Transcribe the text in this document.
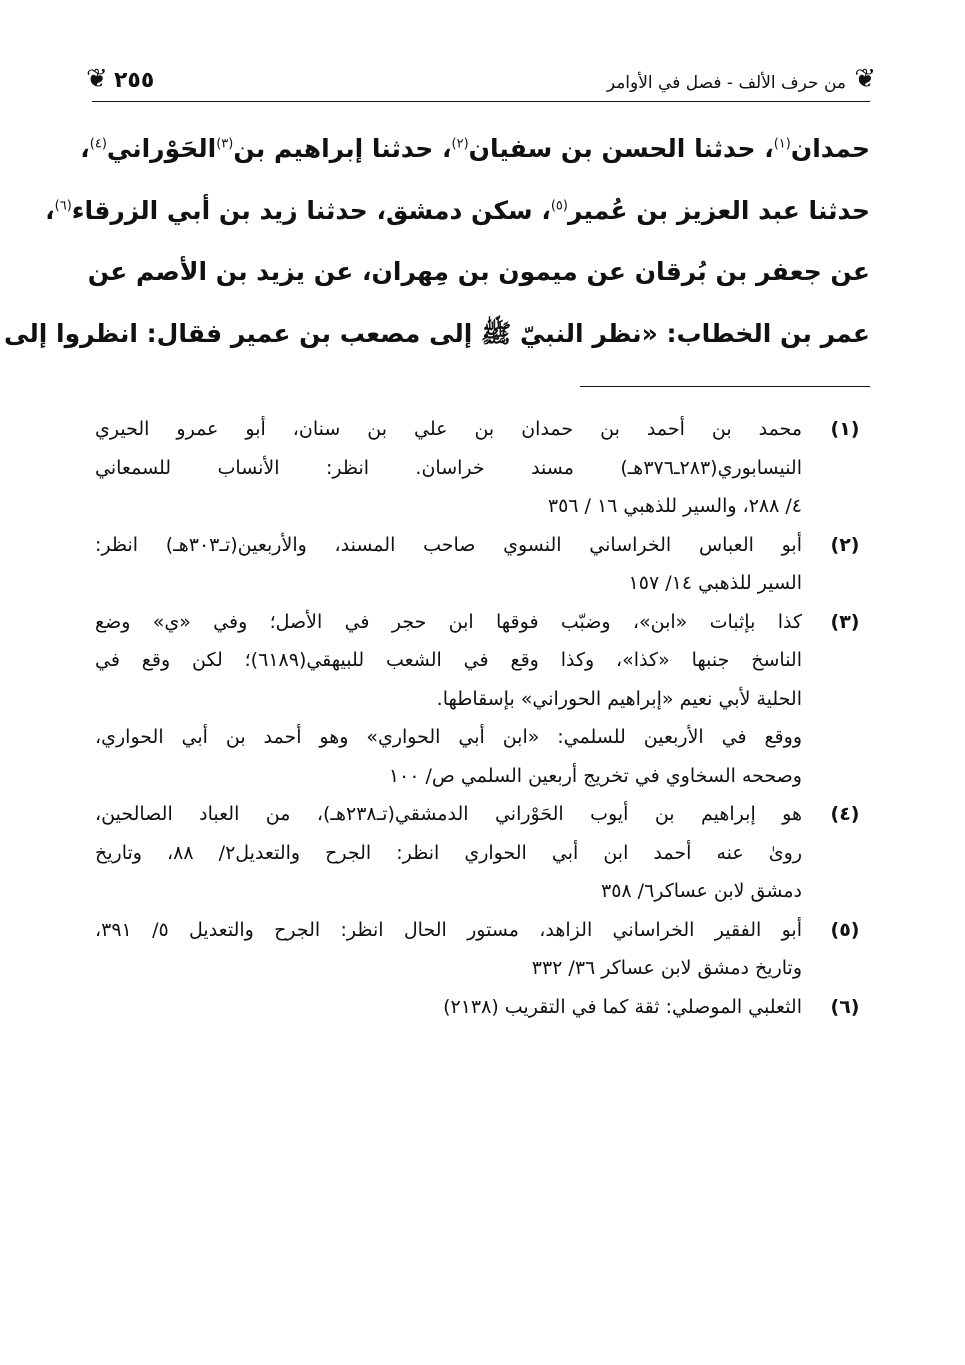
❦
من حرف الألف - فصل في الأوامر
٢٥٥
❦
حمدان$^{(١)}$، حدثنا الحسن بن سفيان$^{(٢)}$، حدثنا إبراهيم بن$^{(٣)}$الحَوْراني$^{(٤)}$،
حدثنا عبد العزيز بن عُمير$^{(٥)}$، سكن دمشق، حدثنا زيد بن أبي الزرقاء$^{(٦)}$،
عن جعفر بن بُرقان عن ميمون بن مِهران، عن يزيد بن الأصم عن
عمر بن الخطاب: «نظر النبيّ ﷺ إلى مصعب بن عمير فقال: انظروا إلى
(١)
محمد بن أحمد بن حمدان بن علي بن سنان، أبو عمرو الحيري
النيسابوري(٢٨٣ـ٣٧٦هـ) مسند خراسان. انظر: الأنساب للسمعاني
٤/ ٢٨٨، والسير للذهبي ١٦ / ٣٥٦
(٢)
أبو العباس الخراساني النسوي صاحب المسند، والأربعين(تـ٣٠٣هـ) انظر:
السير للذهبي ١٤/ ١٥٧
(٣)
كذا بإثبات «ابن»، وضبّب فوقها ابن حجر في الأصل؛ وفي «ي» وضع
الناسخ جنبها «كذا»، وكذا وقع في الشعب للبيهقي(٦١٨٩)؛ لكن وقع في
الحلية لأبي نعيم «إبراهيم الحوراني» بإسقاطها.
ووقع في الأربعين للسلمي: «ابن أبي الحواري» وهو أحمد بن أبي الحواري،
وصححه السخاوي في تخريج أربعين السلمي ص/ ١٠٠
(٤)
هو إبراهيم بن أيوب الحَوْراني الدمشقي(تـ٢٣٨هـ)، من العباد الصالحين،
روىٰ عنه أحمد ابن أبي الحواري انظر: الجرح والتعديل٢/ ٨٨، وتاريخ
دمشق لابن عساكر٦/ ٣٥٨
(٥)
أبو الفقير الخراساني الزاهد، مستور الحال انظر: الجرح والتعديل ٥/ ٣٩١،
وتاريخ دمشق لابن عساكر ٣٦/ ٣٣٢
(٦)
الثعلبي الموصلي: ثقة كما في التقريب (٢١٣٨)
